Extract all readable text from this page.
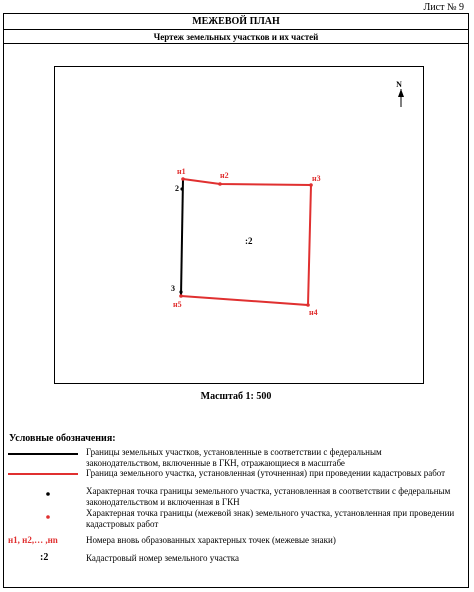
Лист № 9
МЕЖЕВОЙ ПЛАН
Чертеж земельных участков и их частей
N
н1	н2	н3
н4
н5
2
3
:2
Масштаб 1: 500
Условные обозначения:
Границы земельных участков, установленные в соответствии с федеральным законодательством, включенные в ГКН, отражающиеся в масштабе
Граница земельного участка, установленная (уточненная) при проведении кадастровых работ
Характерная точка границы земельного участка, установленная в соответствии с федеральным законодательством и включенная в ГКН
Характерная точка границы (межевой знак) земельного участка, установленная при проведении кадастровых работ
н1, н2,… ,нn	Номера вновь образованных характерных точек (межевые знаки)
:2	Кадастровый номер земельного участка
